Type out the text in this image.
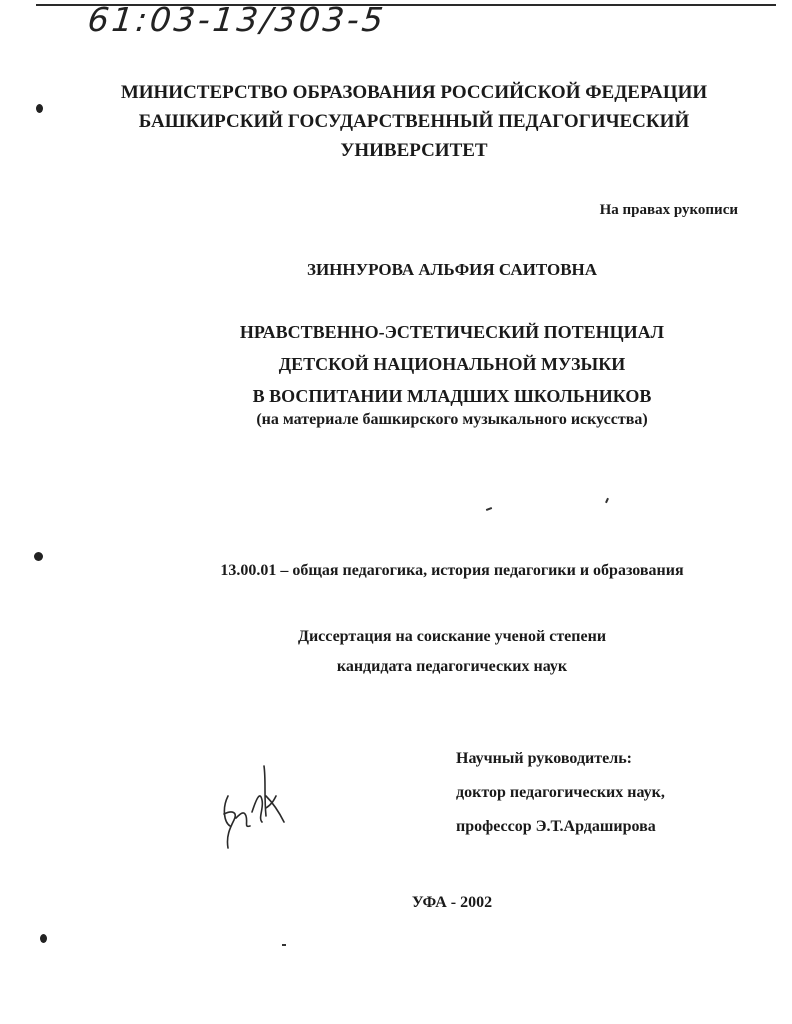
61:03-13/303-5
МИНИСТЕРСТВО ОБРАЗОВАНИЯ РОССИЙСКОЙ ФЕДЕРАЦИИ
БАШКИРСКИЙ ГОСУДАРСТВЕННЫЙ ПЕДАГОГИЧЕСКИЙ
УНИВЕРСИТЕТ
На правах рукописи
ЗИННУРОВА АЛЬФИЯ САИТОВНА
НРАВСТВЕННО-ЭСТЕТИЧЕСКИЙ ПОТЕНЦИАЛ
ДЕТСКОЙ НАЦИОНАЛЬНОЙ МУЗЫКИ
В ВОСПИТАНИИ МЛАДШИХ ШКОЛЬНИКОВ
(на материале башкирского музыкального искусства)
13.00.01 – общая педагогика, история педагогики и образования
Диссертация на соискание ученой степени
кандидата педагогических наук
Научный руководитель:
доктор педагогических наук,
профессор Э.Т.Ардаширова
УФА - 2002
